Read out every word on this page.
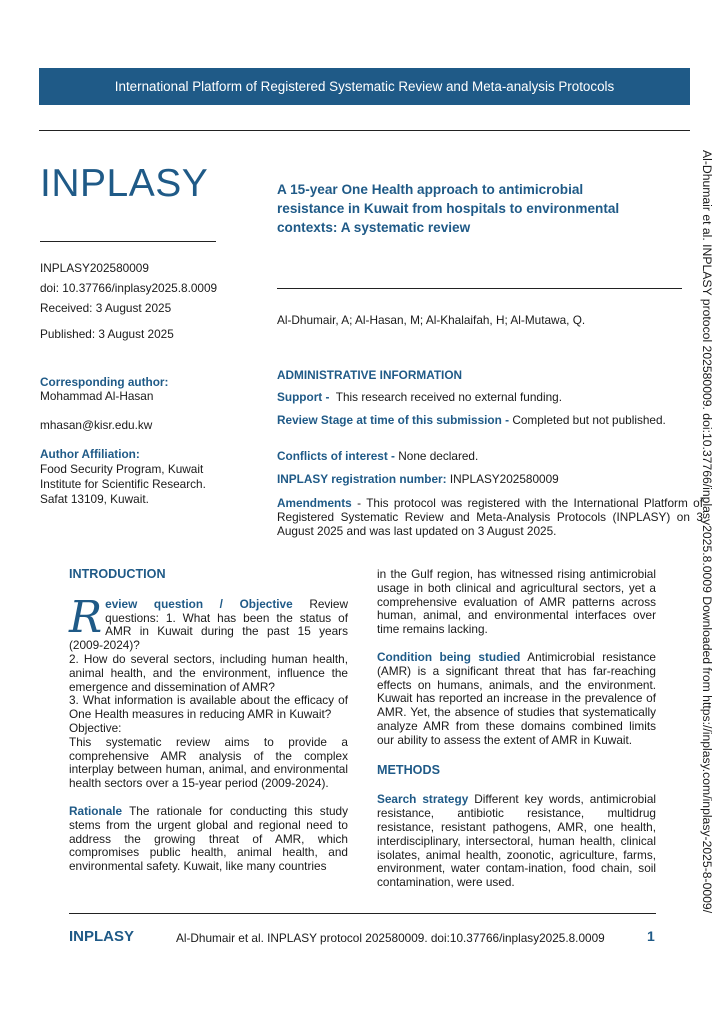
International Platform of Registered Systematic Review and Meta-analysis Protocols
INPLASY
INPLASY202580009
doi: 10.37766/inplasy2025.8.0009
Received: 3 August 2025
Published: 3 August 2025
Corresponding author:
Mohammad Al-Hasan
mhasan@kisr.edu.kw
Author Affiliation:
Food Security Program, Kuwait
Institute for Scientific Research.
Safat 13109, Kuwait.
A 15-year One Health approach to antimicrobial
resistance in Kuwait from hospitals to environmental
contexts: A systematic review
Al-Dhumair, A; Al-Hasan, M; Al-Khalaifah, H; Al-Mutawa, Q.
ADMINISTRATIVE INFORMATION
Support - This research received no external funding.
Review Stage at time of this submission - Completed but not published.
Conflicts of interest - None declared.
INPLASY registration number: INPLASY202580009
Amendments - This protocol was registered with the International Platform of Registered Systematic Review and Meta-Analysis Protocols (INPLASY) on 3 August 2025 and was last updated on 3 August 2025.
INTRODUCTION

R eview question / Objective Review questions: 1. What has been the status of AMR in Kuwait during the past 15 years (2009-2024)?

2. How do several sectors, including human health, animal health, and the environment, influence the emergence and dissemination of AMR?

3. What information is available about the efficacy of One Health measures in reducing AMR in Kuwait?

Objective:

This systematic review aims to provide a comprehensive AMR analysis of the complex interplay between human, animal, and environmental health sectors over a 15-year period (2009-2024).

Rationale The rationale for conducting this study stems from the urgent global and regional need to address the growing threat of AMR, which compromises public health, animal health, and environmental safety. Kuwait, like many countries

in the Gulf region, has witnessed rising antimicrobial usage in both clinical and agricultural sectors, yet a comprehensive evaluation of AMR patterns across human, animal, and environmental interfaces over time remains lacking.

Condition being studied Antimicrobial resistance (AMR) is a significant threat that has far-reaching effects on humans, animals, and the environment. Kuwait has reported an increase in the prevalence of AMR. Yet, the absence of studies that systematically analyze AMR from these domains combined limits our ability to assess the extent of AMR in Kuwait.

METHODS

Search strategy Different key words, antimicrobial resistance, antibiotic resistance, multidrug resistance, resistant pathogens, AMR, one health, interdisciplinary, intersectoral, human health, clinical isolates, animal health, zoonotic, agriculture, farms, environment, water contam-ination, food chain, soil contamination, were used.

INPLASY	Al-Dhumair et al. INPLASY protocol 202580009. doi:10.37766/inplasy2025.8.0009	1
Al-Dhumair et al. INPLASY protocol 202580009. doi:10.37766/inplasy2025.8.0009 Downloaded from https://inplasy.com/inplasy-2025-8-0009/
